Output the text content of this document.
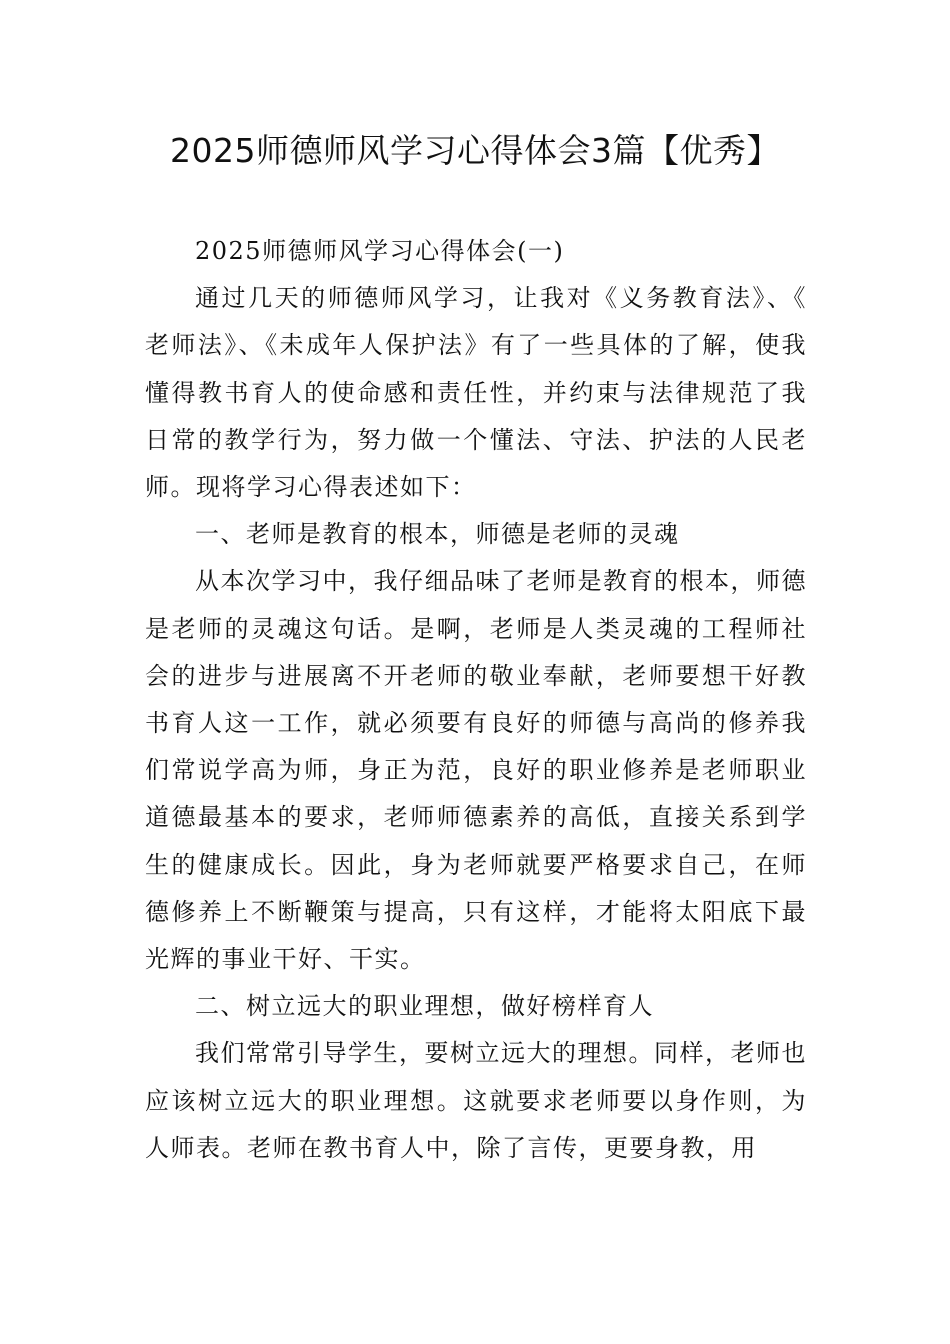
2025师德师风学习心得体会3篇【优秀】

2025师德师风学习心得体会(一)

通过几天的师德师风学习，让我对《义务教育法》、《老师法》、《未成年人保护法》有了一些具体的了解，使我懂得教书育人的使命感和责任性，并约束与法律规范了我日常的教学行为，努力做一个懂法、守法、护法的人民老师。现将学习心得表述如下：

一、老师是教育的根本，师德是老师的灵魂

从本次学习中，我仔细品味了老师是教育的根本，师德是老师的灵魂这句话。是啊，老师是人类灵魂的工程师社会的进步与进展离不开老师的敬业奉献，老师要想干好教书育人这一工作，就必须要有良好的师德与高尚的修养我们常说学高为师，身正为范，良好的职业修养是老师职业道德最基本的要求，老师师德素养的高低，直接关系到学生的健康成长。因此，身为老师就要严格要求自己，在师德修养上不断鞭策与提高，只有这样，才能将太阳底下最光辉的事业干好、干实。

二、树立远大的职业理想，做好榜样育人

我们常常引导学生，要树立远大的理想。同样，老师也应该树立远大的职业理想。这就要求老师要以身作则，为人师表。老师在教书育人中，除了言传，更要身教，用
